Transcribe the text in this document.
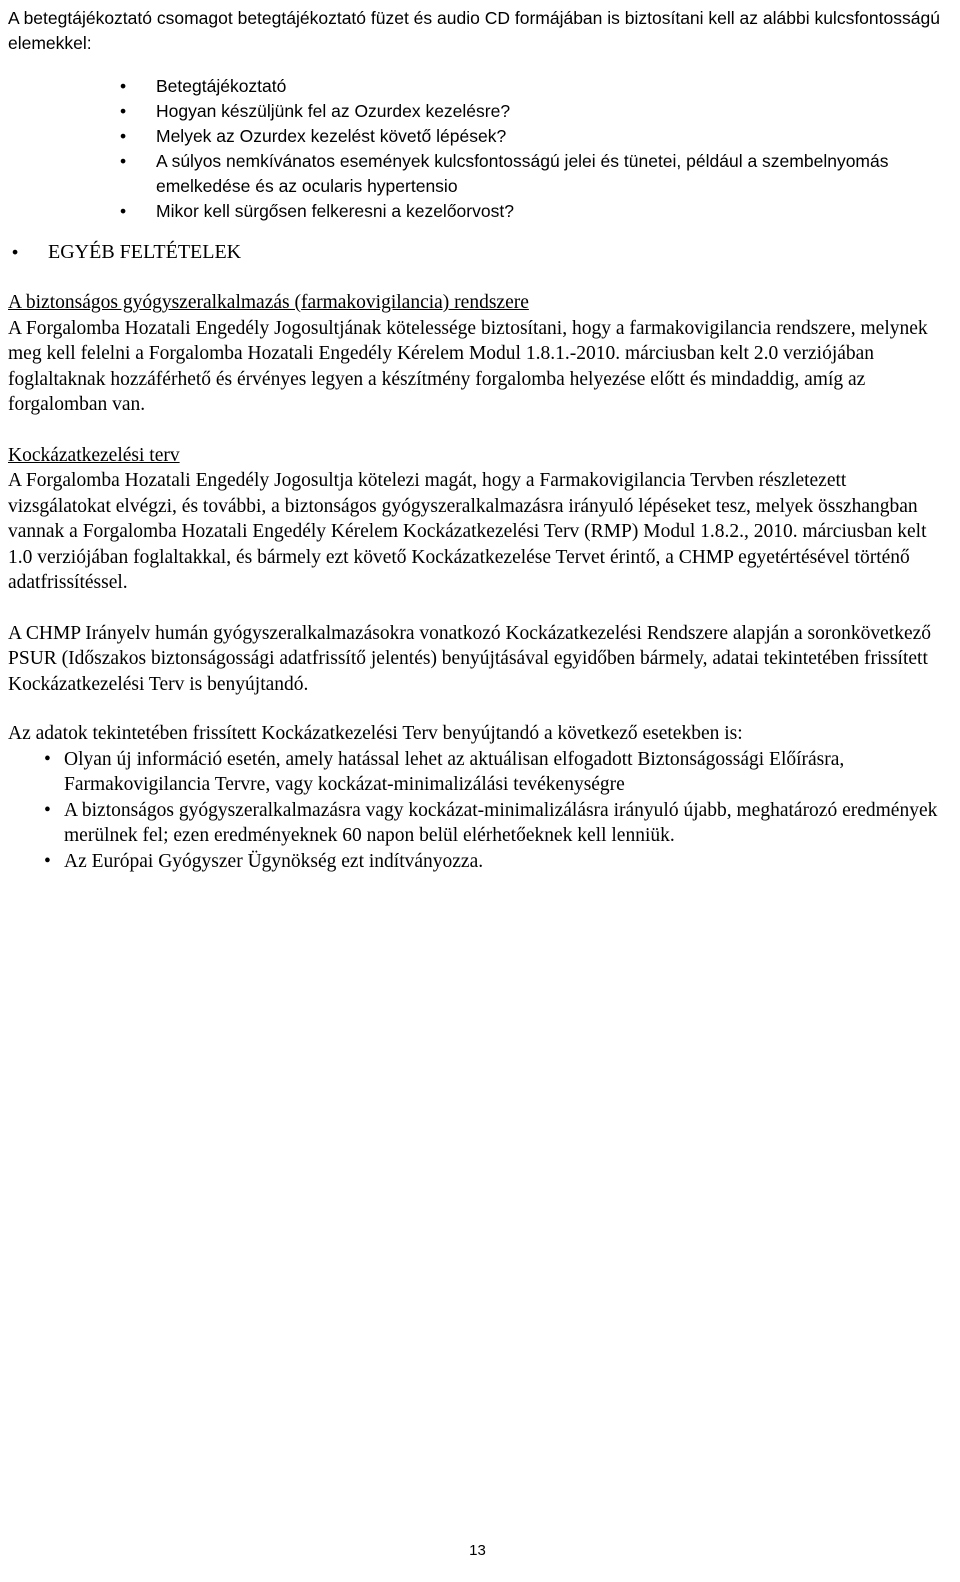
A betegtájékoztató csomagot betegtájékoztató füzet és audio CD formájában is biztosítani kell az alábbi kulcsfontosságú elemekkel:

• Betegtájékoztató
• Hogyan készüljünk fel az Ozurdex kezelésre?
• Melyek az Ozurdex kezelést követő lépések?
• A súlyos nemkívánatos események kulcsfontosságú jelei és tünetei, például a szembelnyomás emelkedése és az ocularis hypertensio
• Mikor kell sürgősen felkeresni a kezelőorvost?
• EGYÉB FELTÉTELEK

A biztonságos gyógyszeralkalmazás (farmakovigilancia) rendszere

A Forgalomba Hozatali Engedély Jogosultjának kötelessége biztosítani, hogy a farmakovigilancia rendszere, melynek meg kell felelni a Forgalomba Hozatali Engedély Kérelem Modul 1.8.1.-2010. márciusban kelt 2.0 verziójában foglaltaknak hozzáférhető és érvényes legyen a készítmény forgalomba helyezése előtt és mindaddig, amíg az forgalomban van.

Kockázatkezelési terv

A Forgalomba Hozatali Engedély Jogosultja kötelezi magát, hogy a Farmakovigilancia Tervben részletezett vizsgálatokat elvégzi, és további, a biztonságos gyógyszeralkalmazásra irányuló lépéseket tesz, melyek összhangban vannak a Forgalomba Hozatali Engedély Kérelem Kockázatkezelési Terv (RMP) Modul 1.8.2., 2010. márciusban kelt 1.0 verziójában foglaltakkal, és bármely ezt követő Kockázatkezelése Tervet érintő, a CHMP egyetértésével történő adatfrissítéssel.

A CHMP Irányelv humán gyógyszeralkalmazásokra vonatkozó Kockázatkezelési Rendszere alapján a soronkövetkező PSUR (Időszakos biztonságossági adatfrissítő jelentés) benyújtásával egyidőben bármely, adatai tekintetében frissített Kockázatkezelési Terv is benyújtandó.

Az adatok tekintetében frissített Kockázatkezelési Terv benyújtandó a következő esetekben is:

• Olyan új információ esetén, amely hatással lehet az aktuálisan elfogadott Biztonságossági Előírásra, Farmakovigilancia Tervre, vagy kockázat-minimalizálási tevékenységre
• A biztonságos gyógyszeralkalmazásra vagy kockázat-minimalizálásra irányuló újabb, meghatározó eredmények merülnek fel; ezen eredményeknek 60 napon belül elérhetőeknek kell lenniük.
• Az Európai Gyógyszer Ügynökség ezt indítványozza.
13
